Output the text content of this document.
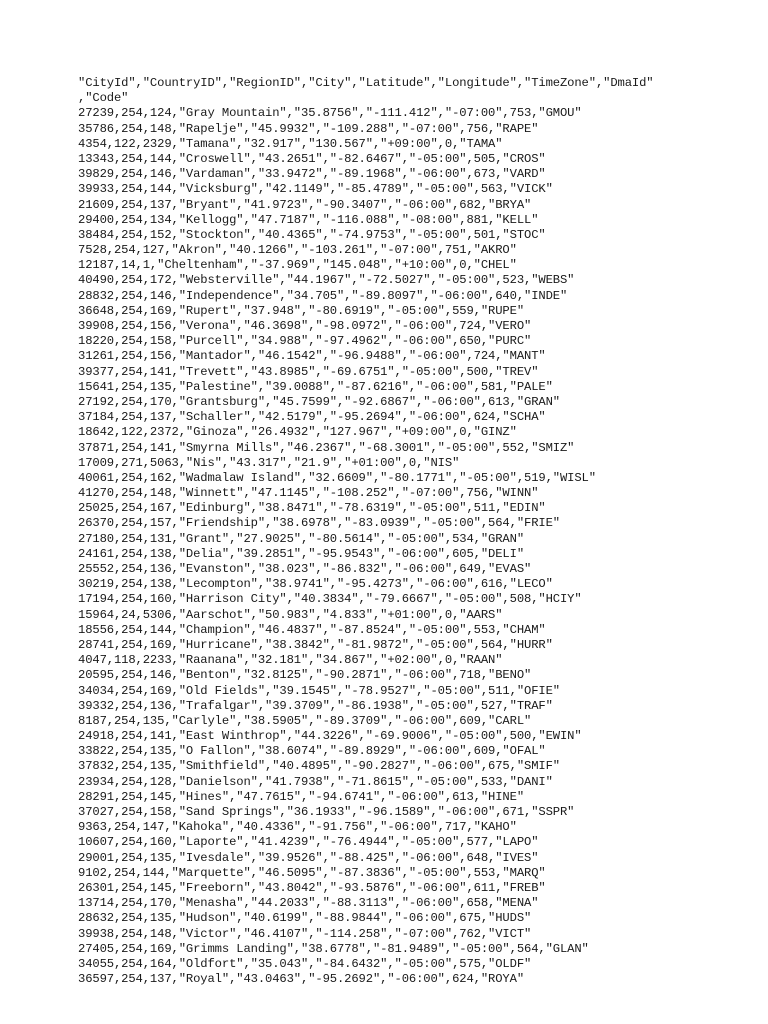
"CityId","CountryID","RegionID","City","Latitude","Longitude","TimeZone","DmaId"
,"Code"
27239,254,124,"Gray Mountain","35.8756","-111.412","-07:00",753,"GMOU"
35786,254,148,"Rapelje","45.9932","-109.288","-07:00",756,"RAPE"
4354,122,2329,"Tamana","32.917","130.567","+09:00",0,"TAMA"
13343,254,144,"Croswell","43.2651","-82.6467","-05:00",505,"CROS"
39829,254,146,"Vardaman","33.9472","-89.1968","-06:00",673,"VARD"
39933,254,144,"Vicksburg","42.1149","-85.4789","-05:00",563,"VICK"
21609,254,137,"Bryant","41.9723","-90.3407","-06:00",682,"BRYA"
29400,254,134,"Kellogg","47.7187","-116.088","-08:00",881,"KELL"
38484,254,152,"Stockton","40.4365","-74.9753","-05:00",501,"STOC"
7528,254,127,"Akron","40.1266","-103.261","-07:00",751,"AKRO"
12187,14,1,"Cheltenham","-37.969","145.048","+10:00",0,"CHEL"
40490,254,172,"Websterville","44.1967","-72.5027","-05:00",523,"WEBS"
28832,254,146,"Independence","34.705","-89.8097","-06:00",640,"INDE"
36648,254,169,"Rupert","37.948","-80.6919","-05:00",559,"RUPE"
39908,254,156,"Verona","46.3698","-98.0972","-06:00",724,"VERO"
18220,254,158,"Purcell","34.988","-97.4962","-06:00",650,"PURC"
31261,254,156,"Mantador","46.1542","-96.9488","-06:00",724,"MANT"
39377,254,141,"Trevett","43.8985","-69.6751","-05:00",500,"TREV"
15641,254,135,"Palestine","39.0088","-87.6216","-06:00",581,"PALE"
27192,254,170,"Grantsburg","45.7599","-92.6867","-06:00",613,"GRAN"
37184,254,137,"Schaller","42.5179","-95.2694","-06:00",624,"SCHA"
18642,122,2372,"Ginoza","26.4932","127.967","+09:00",0,"GINZ"
37871,254,141,"Smyrna Mills","46.2367","-68.3001","-05:00",552,"SMIZ"
17009,271,5063,"Nis","43.317","21.9","+01:00",0,"NIS"
40061,254,162,"Wadmalaw Island","32.6609","-80.1771","-05:00",519,"WISL"
41270,254,148,"Winnett","47.1145","-108.252","-07:00",756,"WINN"
25025,254,167,"Edinburg","38.8471","-78.6319","-05:00",511,"EDIN"
26370,254,157,"Friendship","38.6978","-83.0939","-05:00",564,"FRIE"
27180,254,131,"Grant","27.9025","-80.5614","-05:00",534,"GRAN"
24161,254,138,"Delia","39.2851","-95.9543","-06:00",605,"DELI"
25552,254,136,"Evanston","38.023","-86.832","-06:00",649,"EVAS"
30219,254,138,"Lecompton","38.9741","-95.4273","-06:00",616,"LECO"
17194,254,160,"Harrison City","40.3834","-79.6667","-05:00",508,"HCIY"
15964,24,5306,"Aarschot","50.983","4.833","+01:00",0,"AARS"
18556,254,144,"Champion","46.4837","-87.8524","-05:00",553,"CHAM"
28741,254,169,"Hurricane","38.3842","-81.9872","-05:00",564,"HURR"
4047,118,2233,"Raanana","32.181","34.867","+02:00",0,"RAAN"
20595,254,146,"Benton","32.8125","-90.2871","-06:00",718,"BENO"
34034,254,169,"Old Fields","39.1545","-78.9527","-05:00",511,"OFIE"
39332,254,136,"Trafalgar","39.3709","-86.1938","-05:00",527,"TRAF"
8187,254,135,"Carlyle","38.5905","-89.3709","-06:00",609,"CARL"
24918,254,141,"East Winthrop","44.3226","-69.9006","-05:00",500,"EWIN"
33822,254,135,"O Fallon","38.6074","-89.8929","-06:00",609,"OFAL"
37832,254,135,"Smithfield","40.4895","-90.2827","-06:00",675,"SMIF"
23934,254,128,"Danielson","41.7938","-71.8615","-05:00",533,"DANI"
28291,254,145,"Hines","47.7615","-94.6741","-06:00",613,"HINE"
37027,254,158,"Sand Springs","36.1933","-96.1589","-06:00",671,"SSPR"
9363,254,147,"Kahoka","40.4336","-91.756","-06:00",717,"KAHO"
10607,254,160,"Laporte","41.4239","-76.4944","-05:00",577,"LAPO"
29001,254,135,"Ivesdale","39.9526","-88.425","-06:00",648,"IVES"
9102,254,144,"Marquette","46.5095","-87.3836","-05:00",553,"MARQ"
26301,254,145,"Freeborn","43.8042","-93.5876","-06:00",611,"FREB"
13714,254,170,"Menasha","44.2033","-88.3113","-06:00",658,"MENA"
28632,254,135,"Hudson","40.6199","-88.9844","-06:00",675,"HUDS"
39938,254,148,"Victor","46.4107","-114.258","-07:00",762,"VICT"
27405,254,169,"Grimms Landing","38.6778","-81.9489","-05:00",564,"GLAN"
34055,254,164,"Oldfort","35.043","-84.6432","-05:00",575,"OLDF"
36597,254,137,"Royal","43.0463","-95.2692","-06:00",624,"ROYA"
